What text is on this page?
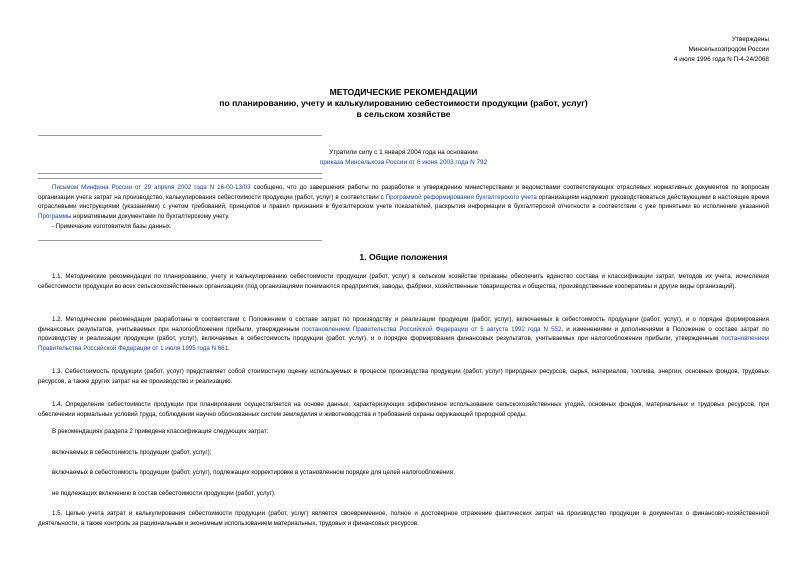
Утверждены
Минсельхозпродом России
4 июля 1996 года N П-4-24/2068
МЕТОДИЧЕСКИЕ РЕКОМЕНДАЦИИ
по планированию, учету и калькулированию себестоимости продукции (работ, услуг)
в сельском хозяйстве
Утратили силу с 1 января 2004 года на основании
приказа Минсельхоза России от 6 июня 2003 года N 792

Письмом Минфина России от 29 апреля 2002 года N 16-00-13/03 сообщено, что до завершения работы по разработке и утверждению министерствами и ведомствами соответствующих отраслевых нормативных документов по вопросам организации учета затрат на производство, калькулирования себестоимости продукции (работ, услуг) в соответствии с Программой реформирования бухгалтерского учета организациям надлежит руководствоваться действующими в настоящее время отраслевыми инструкциями (указаниями) с учетом требований, принципов и правил признания в бухгалтерском учете показателей, раскрытия информации в бухгалтерской отчетности в соответствии с уже принятыми во исполнение указанной Программы нормативными документами по бухгалтерскому учету.

- Примечание изготовителя базы данных.

1. Общие положения

1.1. Методические рекомендации по планированию, учету и калькулированию себестоимости продукции (работ, услуг) в сельском хозяйстве призваны обеспечить единство состава и классификации затрат, методов их учета, исчисления себестоимости продукции во всех сельскохозяйственных организациях (под организациями понимаются предприятия, заводы, фабрики, хозяйственные товарищества и общества, производственные кооперативы и другие виды организаций).

1.2. Методические рекомендации разработаны в соответствии с Положением о составе затрат по производству и реализации продукции (работ, услуг), включаемых в себестоимость продукции (работ, услуг), и о порядке формирования финансовых результатов, учитываемых при налогообложении прибыли, утвержденным постановлением Правительства Российской Федерации от 5 августа 1992 года N 552, и изменениями и дополнениями в Положение о составе затрат по производству и реализации продукции (работ, услуг), включаемых в себестоимость продукции (работ, услуг), и о порядке формирования финансовых результатов, учитываемых при налогообложении прибыли, утвержденным постановлением Правительства Российской Федерации от 1 июля 1995 года N 661.

1.3. Себестоимость продукции (работ, услуг) представляет собой стоимостную оценку используемых в процессе производства продукции (работ, услуг) природных ресурсов, сырья, материалов, топлива, энергии, основных фондов, трудовых ресурсов, а также других затрат на ее производство и реализацию.

1.4. Определение себестоимости продукции при планировании осуществляется на основе данных, характеризующих эффективное использование сельскохозяйственных угодий, основных фондов, материальных и трудовых ресурсов, при обеспечении нормальных условий труда, соблюдении научно обоснованных систем земледелия и животноводства и требований охраны окружающей природной среды.

В рекомендациях раздела 2 приведена классификация следующих затрат:

включаемых в себестоимость продукции (работ, услуг);

включаемых в себестоимость продукции (работ, услуг), подлежащих корректировке в установленном порядке для целей налогообложения;

не подлежащих включению в состав себестоимости продукции (работ, услуг).

1.5. Целью учета затрат и калькулирования себестоимости продукции (работ, услуг) является своевременное, полное и достоверное отражение фактических затрат на производство продукции в документах о финансово-хозяйственной деятельности, а также контроль за рациональным и экономным использованием материальных, трудовых и финансовых ресурсов.
